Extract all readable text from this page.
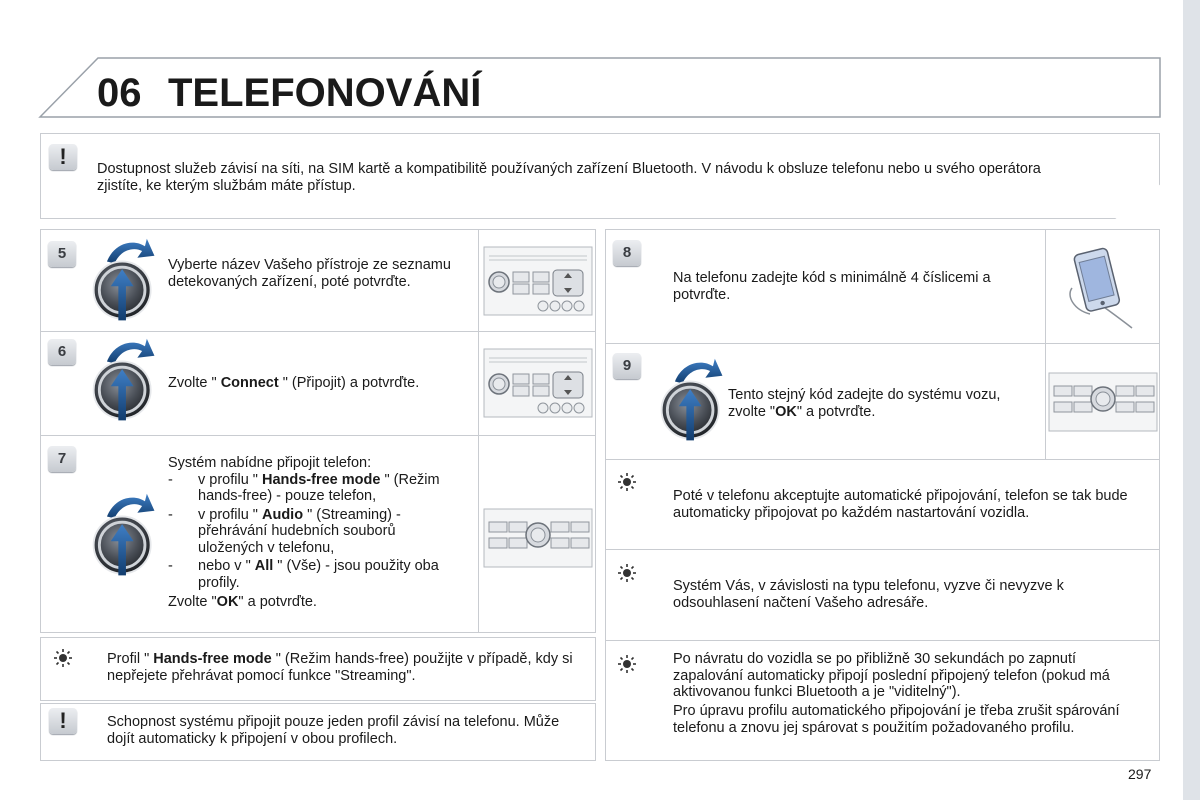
06 TELEFONOVÁNÍ
!	Dostupnost služeb závisí na síti, na SIM kartě a kompatibilitě používaných zařízení Bluetooth. V návodu k obsluze telefonu nebo u svého operátora zjistíte, ke kterým službám máte přístup.
5
Vyberte název Vašeho přístroje ze seznamu detekovaných zařízení, poté potvrďte.
6
Zvolte " Connect " (Připojit) a potvrďte.
7	Systém nabídne připojit telefon:
- v profilu " Hands-free mode " (Režim hands-free) - pouze telefon,
- v profilu " Audio " (Streaming) - přehrávání hudebních souborů uložených v telefonu,
- nebo v " All " (Vše) - jsou použity oba profily.
Zvolte "OK" a potvrďte.
Profil " Hands-free mode " (Režim hands-free) použijte v případě, kdy si nepřejete přehrávat pomocí funkce "Streaming".
!	Schopnost systému připojit pouze jeden profil závisí na telefonu. Může dojít automaticky k připojení v obou profilech.
8
Na telefonu zadejte kód s minimálně 4 číslicemi a potvrďte.
9
Tento stejný kód zadejte do systému vozu, zvolte "OK" a potvrďte.
Poté v telefonu akceptujte automatické připojování, telefon se tak bude automaticky připojovat po každém nastartování vozidla.
Systém Vás, v závislosti na typu telefonu, vyzve či nevyzve k odsouhlasení načtení Vašeho adresáře.
Po návratu do vozidla se po přibližně 30 sekundách po zapnutí zapalování automaticky připojí poslední připojený telefon (pokud má aktivovanou funkci Bluetooth a je "viditelný").
Pro úpravu profilu automatického připojování je třeba zrušit spárování telefonu a znovu jej spárovat s použitím požadovaného profilu.
297
